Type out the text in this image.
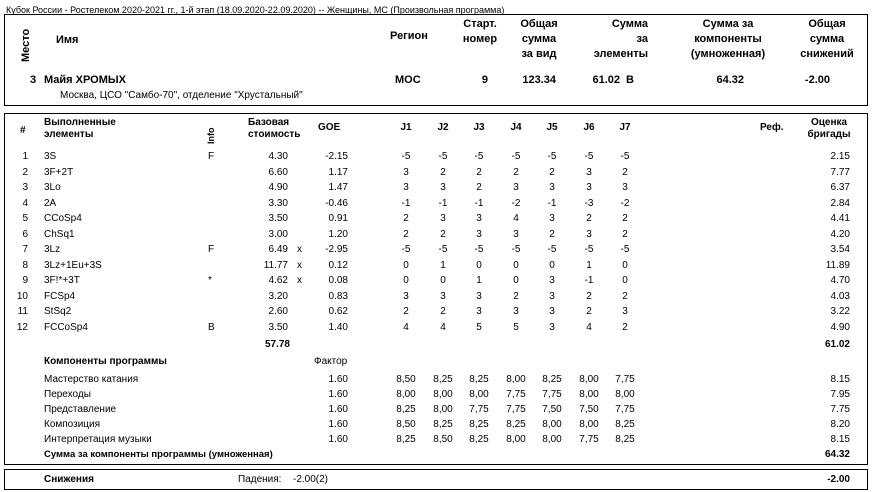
Кубок России - Ростелеком 2020-2021 гг., 1-й этап (18.09.2020-22.09.2020) -- Женщины, МС (Произвольная программа)
Место Имя	Регион
Старт.
номер
Общая
сумма
за вид
Сумма
за
элементы
Сумма за
компоненты
(умноженная)
Общая
сумма
снижений
3 Майя ХРОМЫХ	МОС	9	123.34	61.02 B	64.32	-2.00
Москва, ЦСО "Самбо-70", отделение "Хрустальный"
#
Выполненные
элементы	Info
Базовая
стоимость
GOE	J1	J2	J3	J4	J5	J6	J7	Реф.	Оценка
бригады
1 3S	F	4.30	-2.15	-5	-5	-5	-5	-5	-5	-5	2.15
2 3F+2T	6.60	1.17	3	2	2	2	2	3	2	7.77
3 3Lo	4.90	1.47	3	3	2	3	3	3	3	6.37
4 2A	3.30	-0.46	-1	-1	-1	-2	-1	-3	-2	2.84
5 CCoSp4	3.50	0.91	2	3	3	4	3	2	2	4.41
6 ChSq1	3.00	1.20	2	2	3	3	2	3	2	4.20
7 3Lz	F	6.49 x	-2.95	-5	-5	-5	-5	-5	-5	-5	3.54
8 3Lz+1Eu+3S	11.77 x	0.12	0	1	0	0	0	1	0	11.89
9 3F!*+3T	*	4.62 x	0.08	0	0	1	0	3	-1	0	4.70
10 FCSp4	3.20	0.83	3	3	3	2	3	2	2	4.03
11 StSq2	2.60	0.62	2	2	3	3	3	2	3	3.22
12 FCCoSp4	B	3.50	1.40	4	4	5	5	3	4	2	4.90
57.78	61.02
Компоненты программы	Фактор
Мастерство катания	1.60	8,50	8,25	8,25	8,00	8,25	8,00	7,75	8.15
Переходы	1.60	8,00	8,00	8,00	7,75	7,75	8,00	8,00	7.95
Представление	1.60	8,25	8,00	7,75	7,75	7,50	7,50	7,75	7.75
Композиция	1.60	8,50	8,25	8,25	8,25	8,00	8,00	8,25	8.20
Интерпретация музыки	1.60	8,25	8,50	8,25	8,00	8,00	7,75	8,25	8.15
Сумма за компоненты программы (умноженная)	64.32
Снижения	Падения: -2.00(2)	-2.00
